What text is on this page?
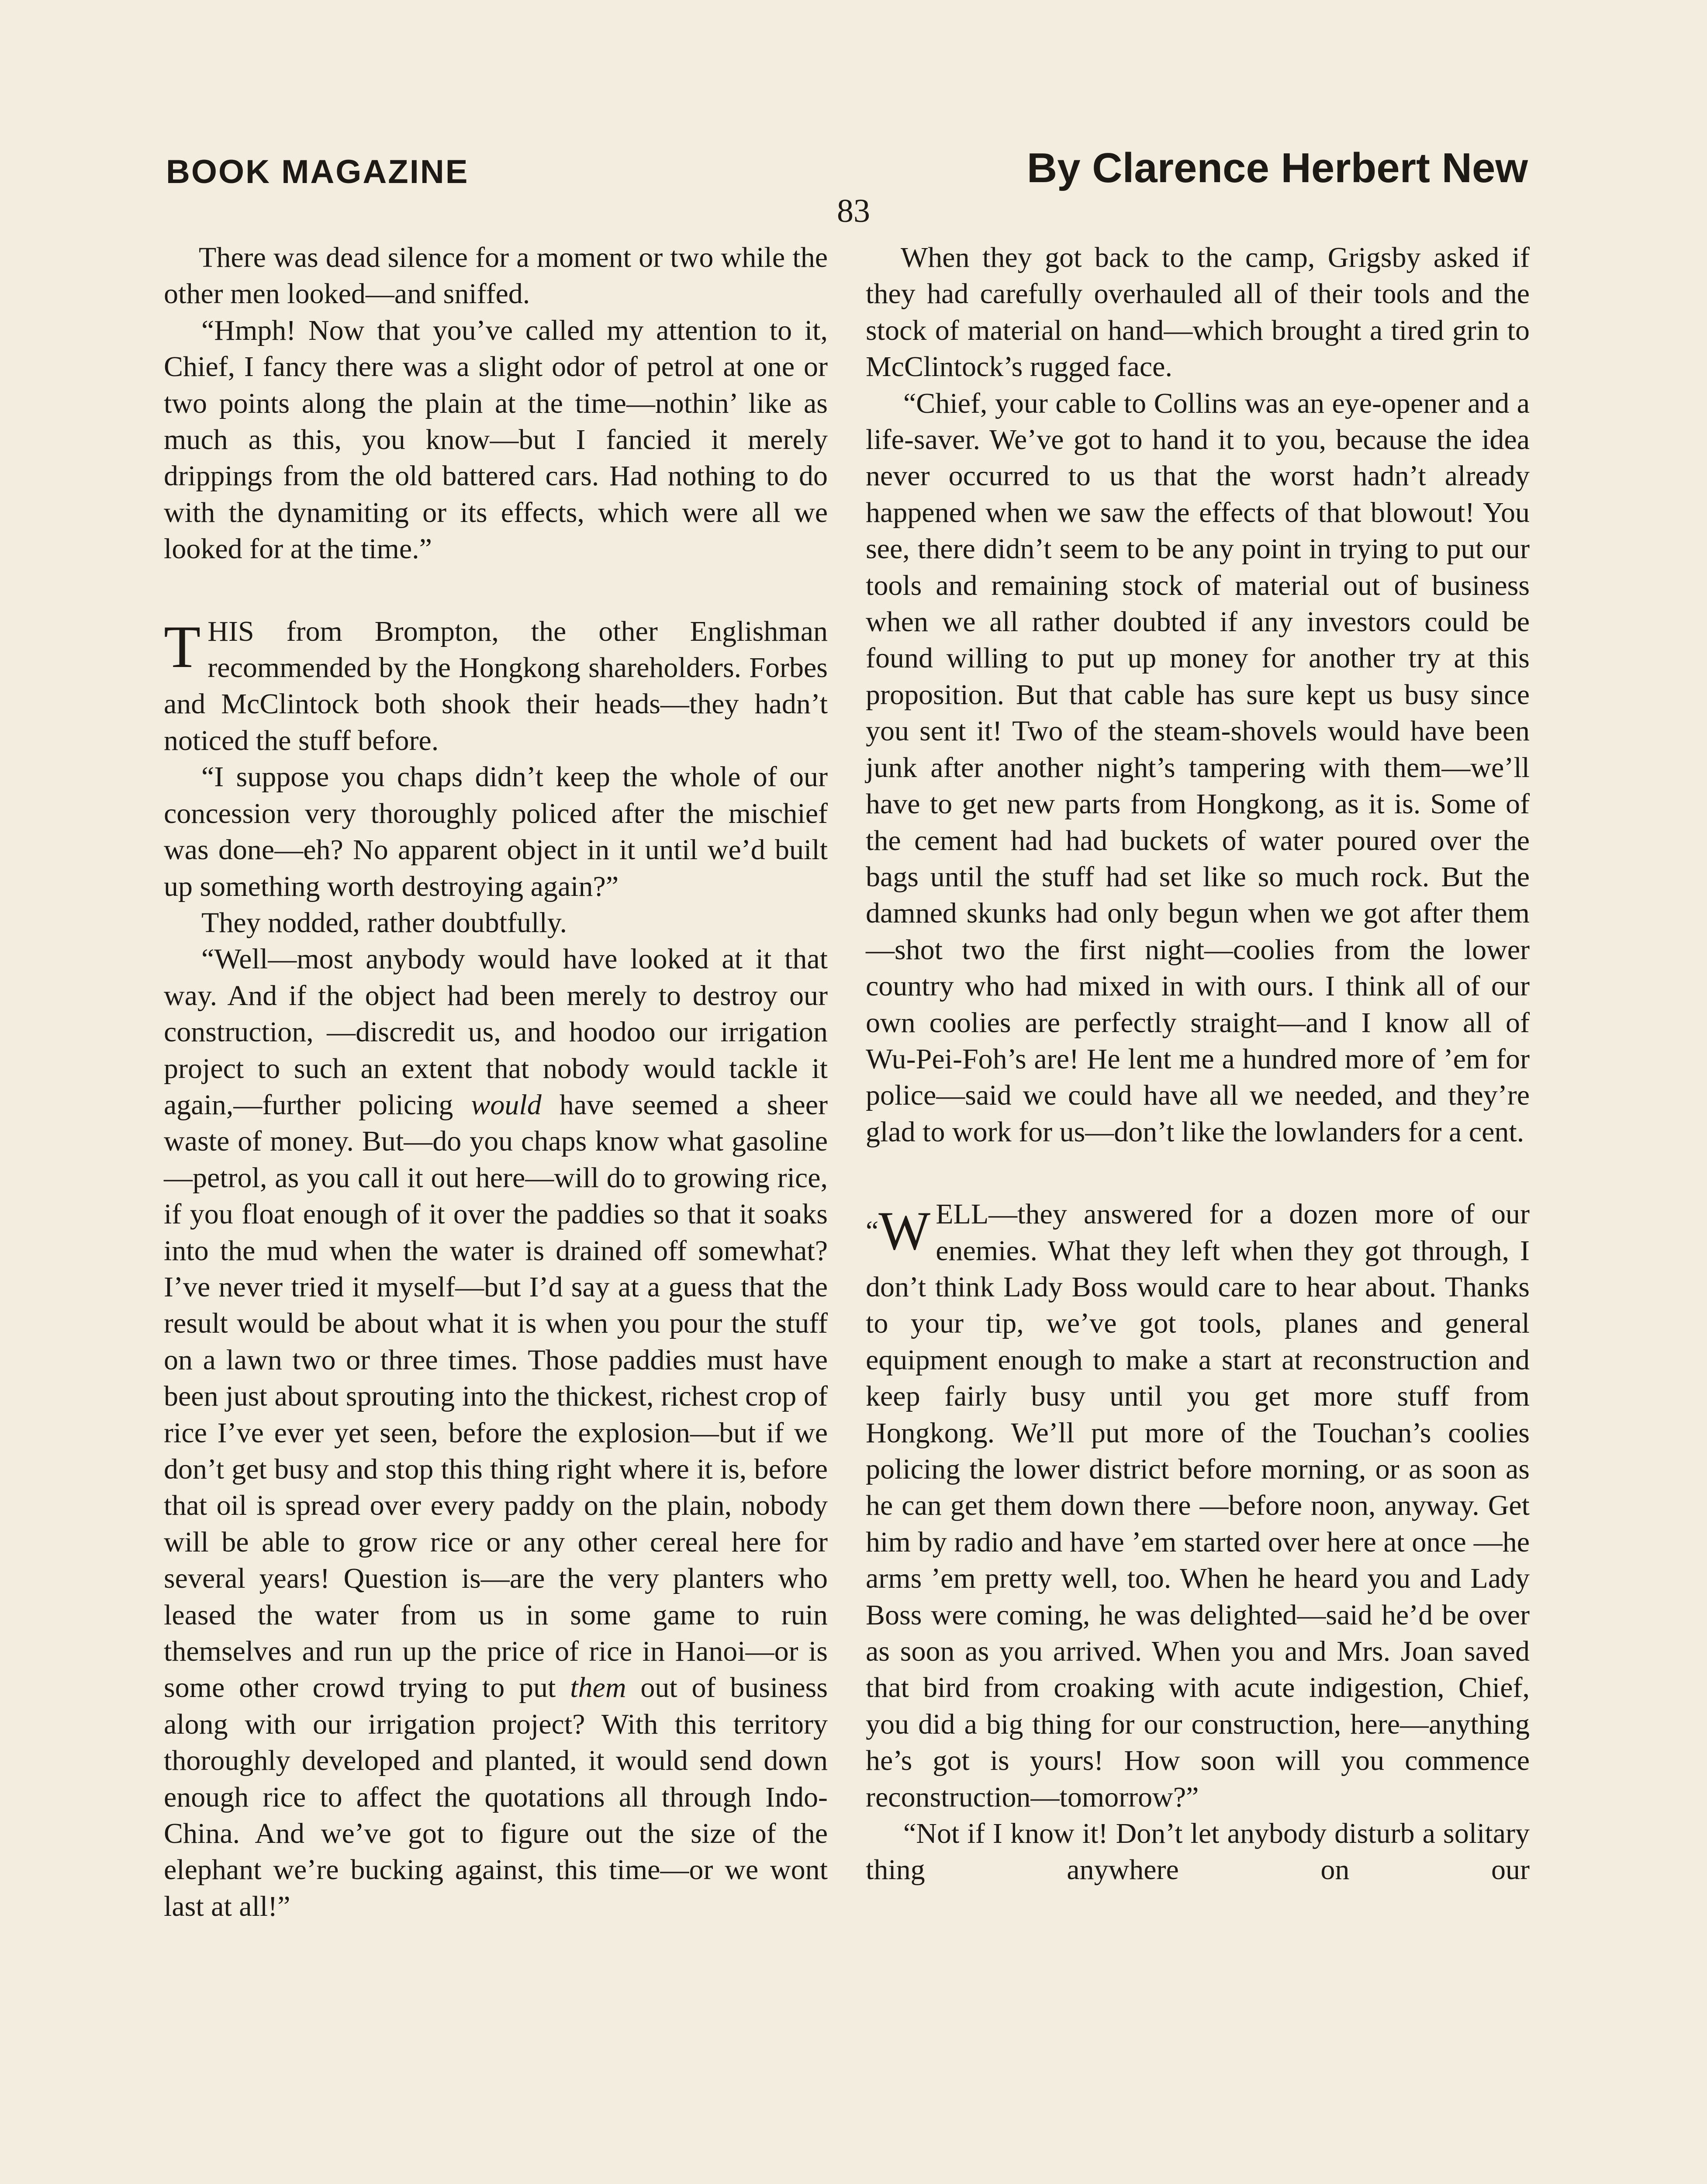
BOOK MAGAZINE	By Clarence Herbert New
83

There was dead silence for a moment or two while the other men looked—and sniffed.

“Hmph! Now that you’ve called my attention to it, Chief, I fancy there was a slight odor of petrol at one or two points along the plain at the time—nothin’ like as much as this, you know—but I fancied it merely drippings from the old battered cars. Had nothing to do with the dynamiting or its effects, which were all we looked for at the time.”

THIS from Brompton, the other Englishman recommended by the Hongkong shareholders. Forbes and McClintock both shook their heads—they hadn’t noticed the stuff before.

“I suppose you chaps didn’t keep the whole of our concession very thoroughly policed after the mischief was done—eh? No apparent object in it until we’d built up something worth destroying again?”

They nodded, rather doubtfully.

“Well—most anybody would have looked at it that way. And if the object had been merely to destroy our construction, —discredit us, and hoodoo our irrigation project to such an extent that nobody would tackle it again,—further policing would have seemed a sheer waste of money. But—do you chaps know what gasoline—petrol, as you call it out here—will do to growing rice, if you float enough of it over the paddies so that it soaks into the mud when the water is drained off somewhat? I’ve never tried it myself—but I’d say at a guess that the result would be about what it is when you pour the stuff on a lawn two or three times. Those paddies must have been just about sprouting into the thickest, richest crop of rice I’ve ever yet seen, before the explosion—but if we don’t get busy and stop this thing right where it is, before that oil is spread over every paddy on the plain, nobody will be able to grow rice or any other cereal here for several years! Question is—are the very planters who leased the water from us in some game to ruin themselves and run up the price of rice in Hanoi—or is some other crowd trying to put them out of business along with our irrigation project? With this territory thoroughly developed and planted, it would send down enough rice to affect the quotations all through Indo-China. And we’ve got to figure out the size of the elephant we’re bucking against, this time—or we wont last at all!”

When they got back to the camp, Grigsby asked if they had carefully overhauled all of their tools and the stock of material on hand—which brought a tired grin to McClintock’s rugged face.

“Chief, your cable to Collins was an eye-opener and a life-saver. We’ve got to hand it to you, because the idea never occurred to us that the worst hadn’t already happened when we saw the effects of that blowout! You see, there didn’t seem to be any point in trying to put our tools and remaining stock of material out of business when we all rather doubted if any investors could be found willing to put up money for another try at this proposition. But that cable has sure kept us busy since you sent it! Two of the steam-shovels would have been junk after another night’s tampering with them—we’ll have to get new parts from Hongkong, as it is. Some of the cement had had buckets of water poured over the bags until the stuff had set like so much rock. But the damned skunks had only begun when we got after them—shot two the first night—coolies from the lower country who had mixed in with ours. I think all of our own coolies are perfectly straight—and I know all of Wu-Pei-Foh’s are! He lent me a hundred more of ’em for police—said we could have all we needed, and they’re glad to work for us—don’t like the lowlanders for a cent.

“W ELL—they answered for a dozen more of our enemies. What they left when they got through, I don’t think Lady Boss would care to hear about. Thanks to your tip, we’ve got tools, planes and general equipment enough to make a start at reconstruction and keep fairly busy until you get more stuff from Hongkong. We’ll put more of the Touchan’s coolies policing the lower district before morning, or as soon as he can get them down there —before noon, anyway. Get him by radio and have ’em started over here at once —he arms ’em pretty well, too. When he heard you and Lady Boss were coming, he was delighted—said he’d be over as soon as you arrived. When you and Mrs. Joan saved that bird from croaking with acute indigestion, Chief, you did a big thing for our construction, here—anything he’s got is yours! How soon will you commence reconstruction—tomorrow?”

“Not if I know it! Don’t let anybody disturb a solitary thing anywhere on our
